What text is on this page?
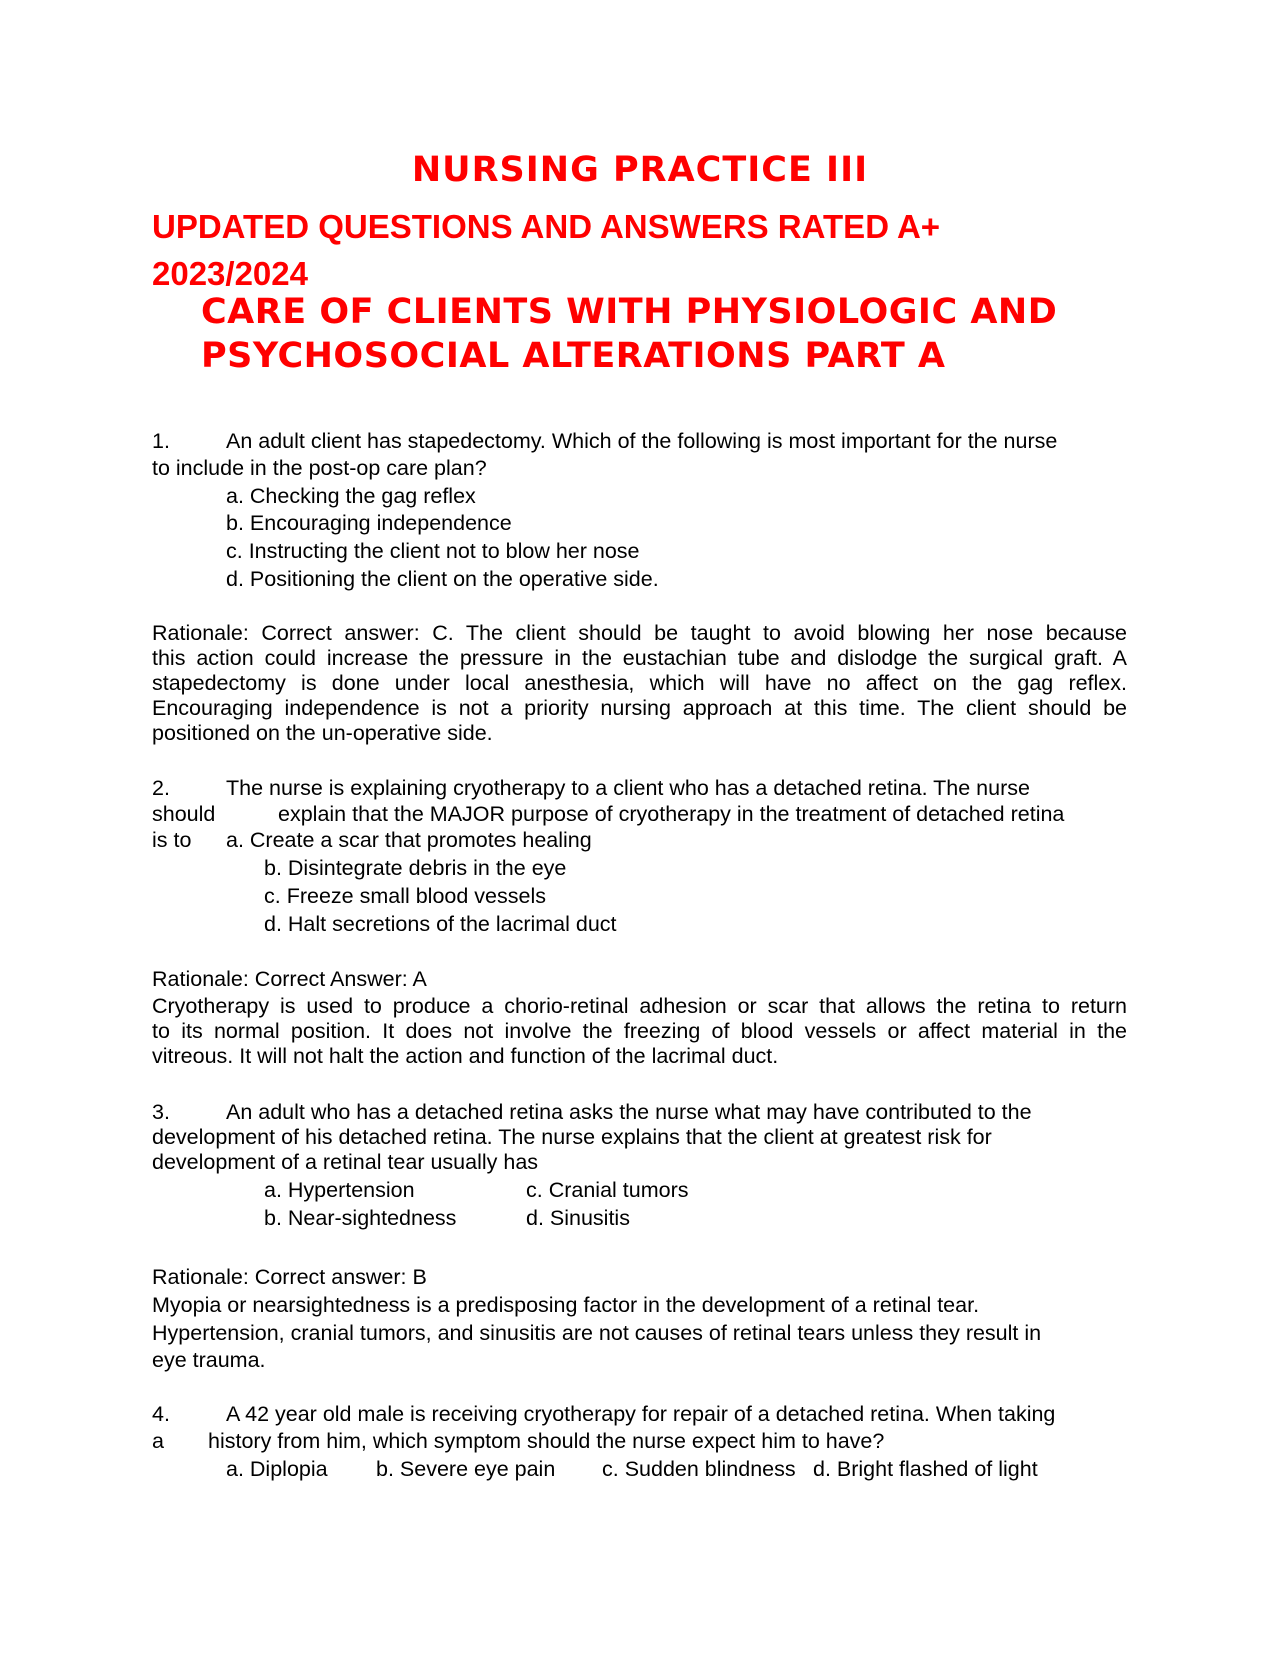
NURSING PRACTICE III
UPDATED QUESTIONS AND ANSWERS RATED A+
2023/2024
CARE OF CLIENTS WITH PHYSIOLOGIC AND
PSYCHOSOCIAL ALTERATIONS PART A
1.	An adult client has stapedectomy. Which of the following is most important for the nurse
to include in the post-op care plan?
a. Checking the gag reflex
b. Encouraging independence
c. Instructing the client not to blow her nose
d. Positioning the client on the operative side.
Rationale: Correct answer: C. The client should be taught to avoid blowing her nose because
this action could increase the pressure in the eustachian tube and dislodge the surgical graft. A
stapedectomy is done under local anesthesia, which will have no affect on the gag reflex.
Encouraging independence is not a priority nursing approach at this time. The client should be
positioned on the un-operative side.
2.	The nurse is explaining cryotherapy to a client who has a detached retina. The nurse
should	explain that the MAJOR purpose of cryotherapy in the treatment of detached retina
is to a. Create a scar that promotes healing
b. Disintegrate debris in the eye
c. Freeze small blood vessels
d. Halt secretions of the lacrimal duct
Rationale: Correct Answer: A
Cryotherapy is used to produce a chorio-retinal adhesion or scar that allows the retina to return
to its normal position. It does not involve the freezing of blood vessels or affect material in the
vitreous. It will not halt the action and function of the lacrimal duct.
3.	An adult who has a detached retina asks the nurse what may have contributed to the
development of his detached retina. The nurse explains that the client at greatest risk for
development of a retinal tear usually has
a. Hypertension	c. Cranial tumors
b. Near-sightedness	d. Sinusitis
Rationale: Correct answer: B
Myopia or nearsightedness is a predisposing factor in the development of a retinal tear.
Hypertension, cranial tumors, and sinusitis are not causes of retinal tears unless they result in
eye trauma.
4.	A 42 year old male is receiving cryotherapy for repair of a detached retina. When taking
a history from him, which symptom should the nurse expect him to have?
a. Diplopia b. Severe eye pain c. Sudden blindness d. Bright flashed of light
